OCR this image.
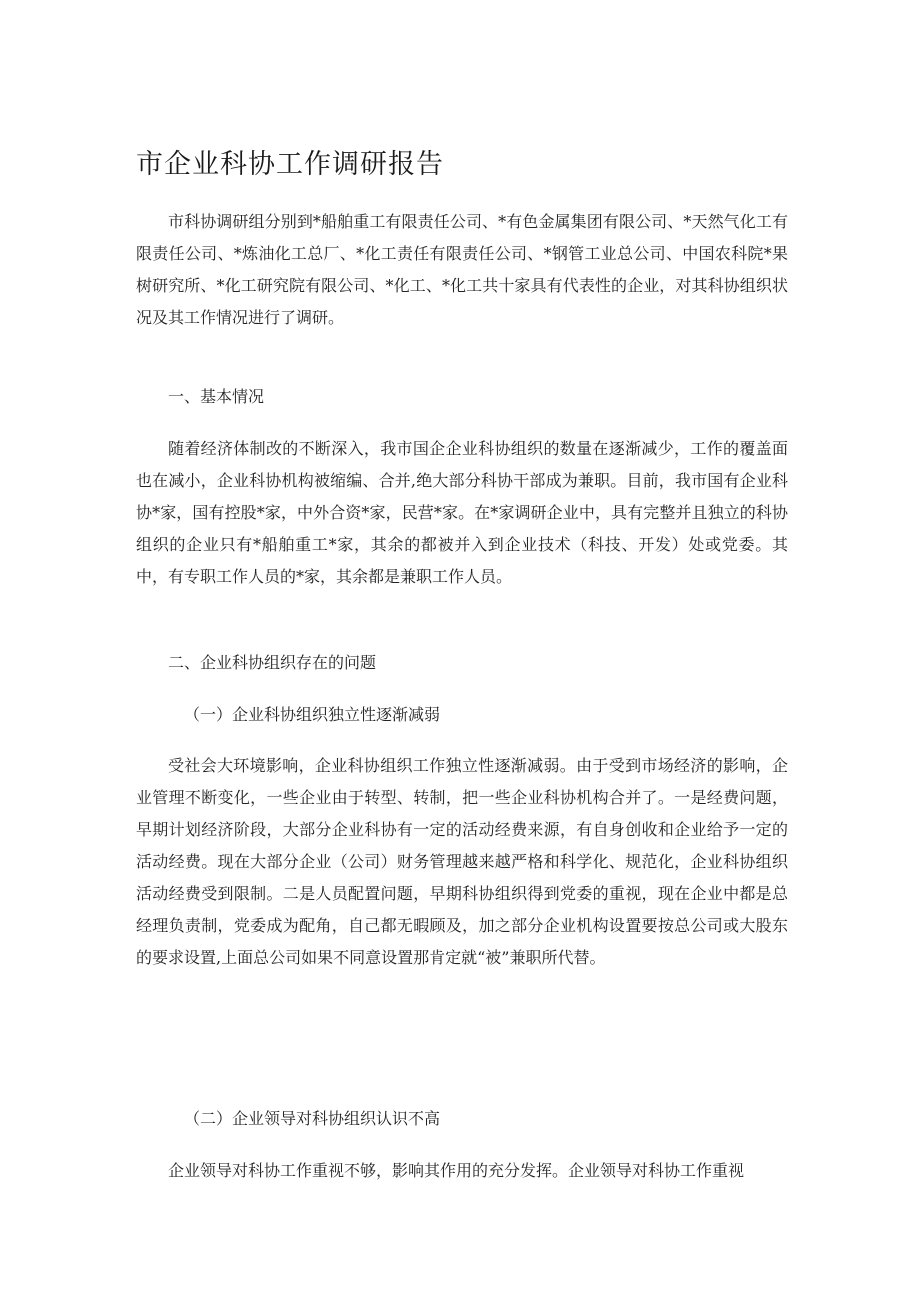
市企业科协工作调研报告

市科协调研组分别到*船舶重工有限责任公司、*有色金属集团有限公司、*天然气化工有限责任公司、*炼油化工总厂、*化工责任有限责任公司、*钢管工业总公司、中国农科院*果树研究所、*化工研究院有限公司、*化工、*化工共十家具有代表性的企业，对其科协组织状况及其工作情况进行了调研。

一、基本情况

随着经济体制改的不断深入，我市国企企业科协组织的数量在逐渐减少，工作的覆盖面也在减小，企业科协机构被缩编、合并,绝大部分科协干部成为兼职。目前，我市国有企业科协*家，国有控股*家，中外合资*家，民营*家。在*家调研企业中，具有完整并且独立的科协组织的企业只有*船舶重工*家，其余的都被并入到企业技术（科技、开发）处或党委。其中，有专职工作人员的*家，其余都是兼职工作人员。

二、企业科协组织存在的问题

（一）企业科协组织独立性逐渐减弱

受社会大环境影响，企业科协组织工作独立性逐渐减弱。由于受到市场经济的影响，企业管理不断变化，一些企业由于转型、转制，把一些企业科协机构合并了。一是经费问题，早期计划经济阶段，大部分企业科协有一定的活动经费来源，有自身创收和企业给予一定的活动经费。现在大部分企业（公司）财务管理越来越严格和科学化、规范化，企业科协组织活动经费受到限制。二是人员配置问题，早期科协组织得到党委的重视，现在企业中都是总经理负责制，党委成为配角，自己都无暇顾及，加之部分企业机构设置要按总公司或大股东的要求设置,上面总公司如果不同意设置那肯定就“被”兼职所代替。

（二）企业领导对科协组织认识不高

企业领导对科协工作重视不够，影响其作用的充分发挥。企业领导对科协工作重视
